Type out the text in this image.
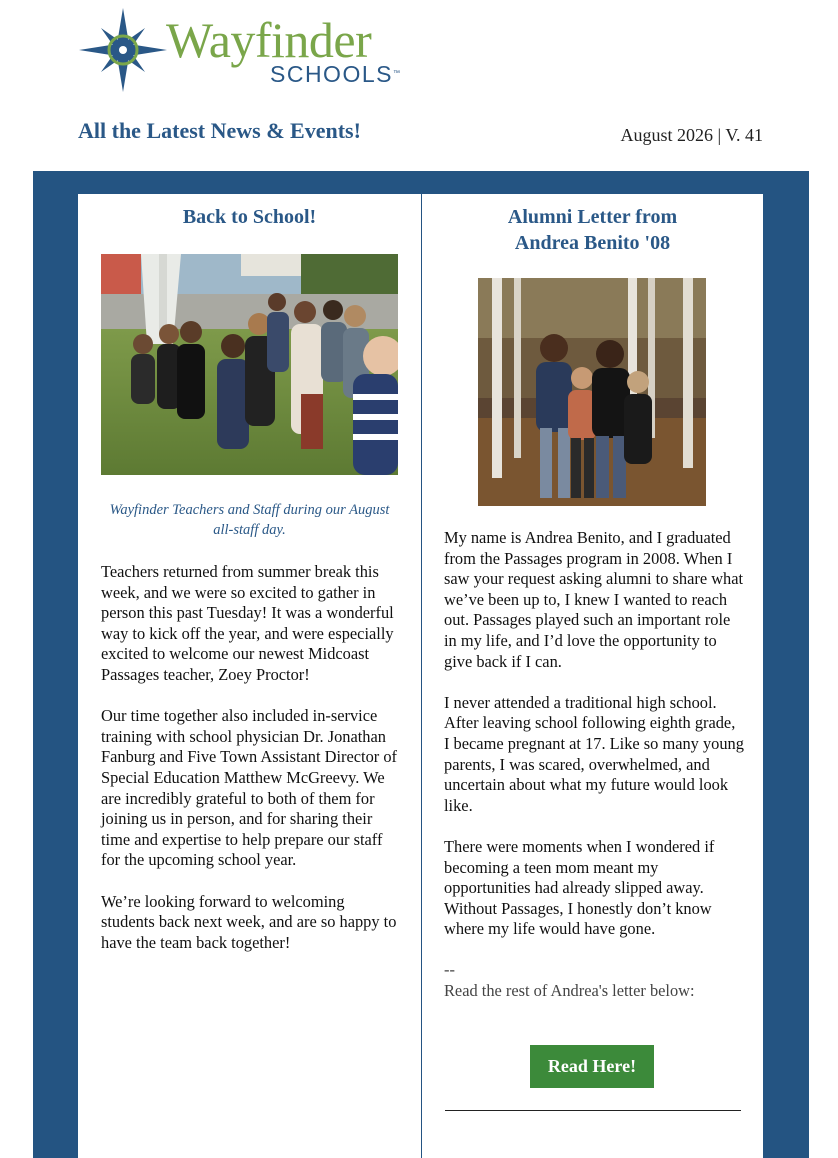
Wayfinder
SCHOOLS™
All the Latest News & Events!	August 2026 | V. 41
Back to School!
Wayfinder Teachers and Staff during our August all-staff day.

Teachers returned from summer break this week, and we were so excited to gather in person this past Tuesday! It was a wonderful way to kick off the year, and were especially excited to welcome our newest Midcoast Passages teacher, Zoey Proctor!

Our time together also included in-service training with school physician Dr. Jonathan Fanburg and Five Town Assistant Director of Special Education Matthew McGreevy. We are incredibly grateful to both of them for joining us in person, and for sharing their time and expertise to help prepare our staff for the upcoming school year.

We’re looking forward to welcoming students back next week, and are so happy to have the team back together!

Alumni Letter from
Andrea Benito '08

My name is Andrea Benito, and I graduated from the Passages program in 2008. When I saw your request asking alumni to share what we’ve been up to, I knew I wanted to reach out. Passages played such an important role in my life, and I’d love the opportunity to give back if I can.

I never attended a traditional high school. After leaving school following eighth grade, I became pregnant at 17. Like so many young parents, I was scared, overwhelmed, and uncertain about what my future would look like.

There were moments when I wondered if becoming a teen mom meant my opportunities had already slipped away. Without Passages, I honestly don’t know where my life would have gone.

--
Read the rest of Andrea's letter below:
Read Here!
